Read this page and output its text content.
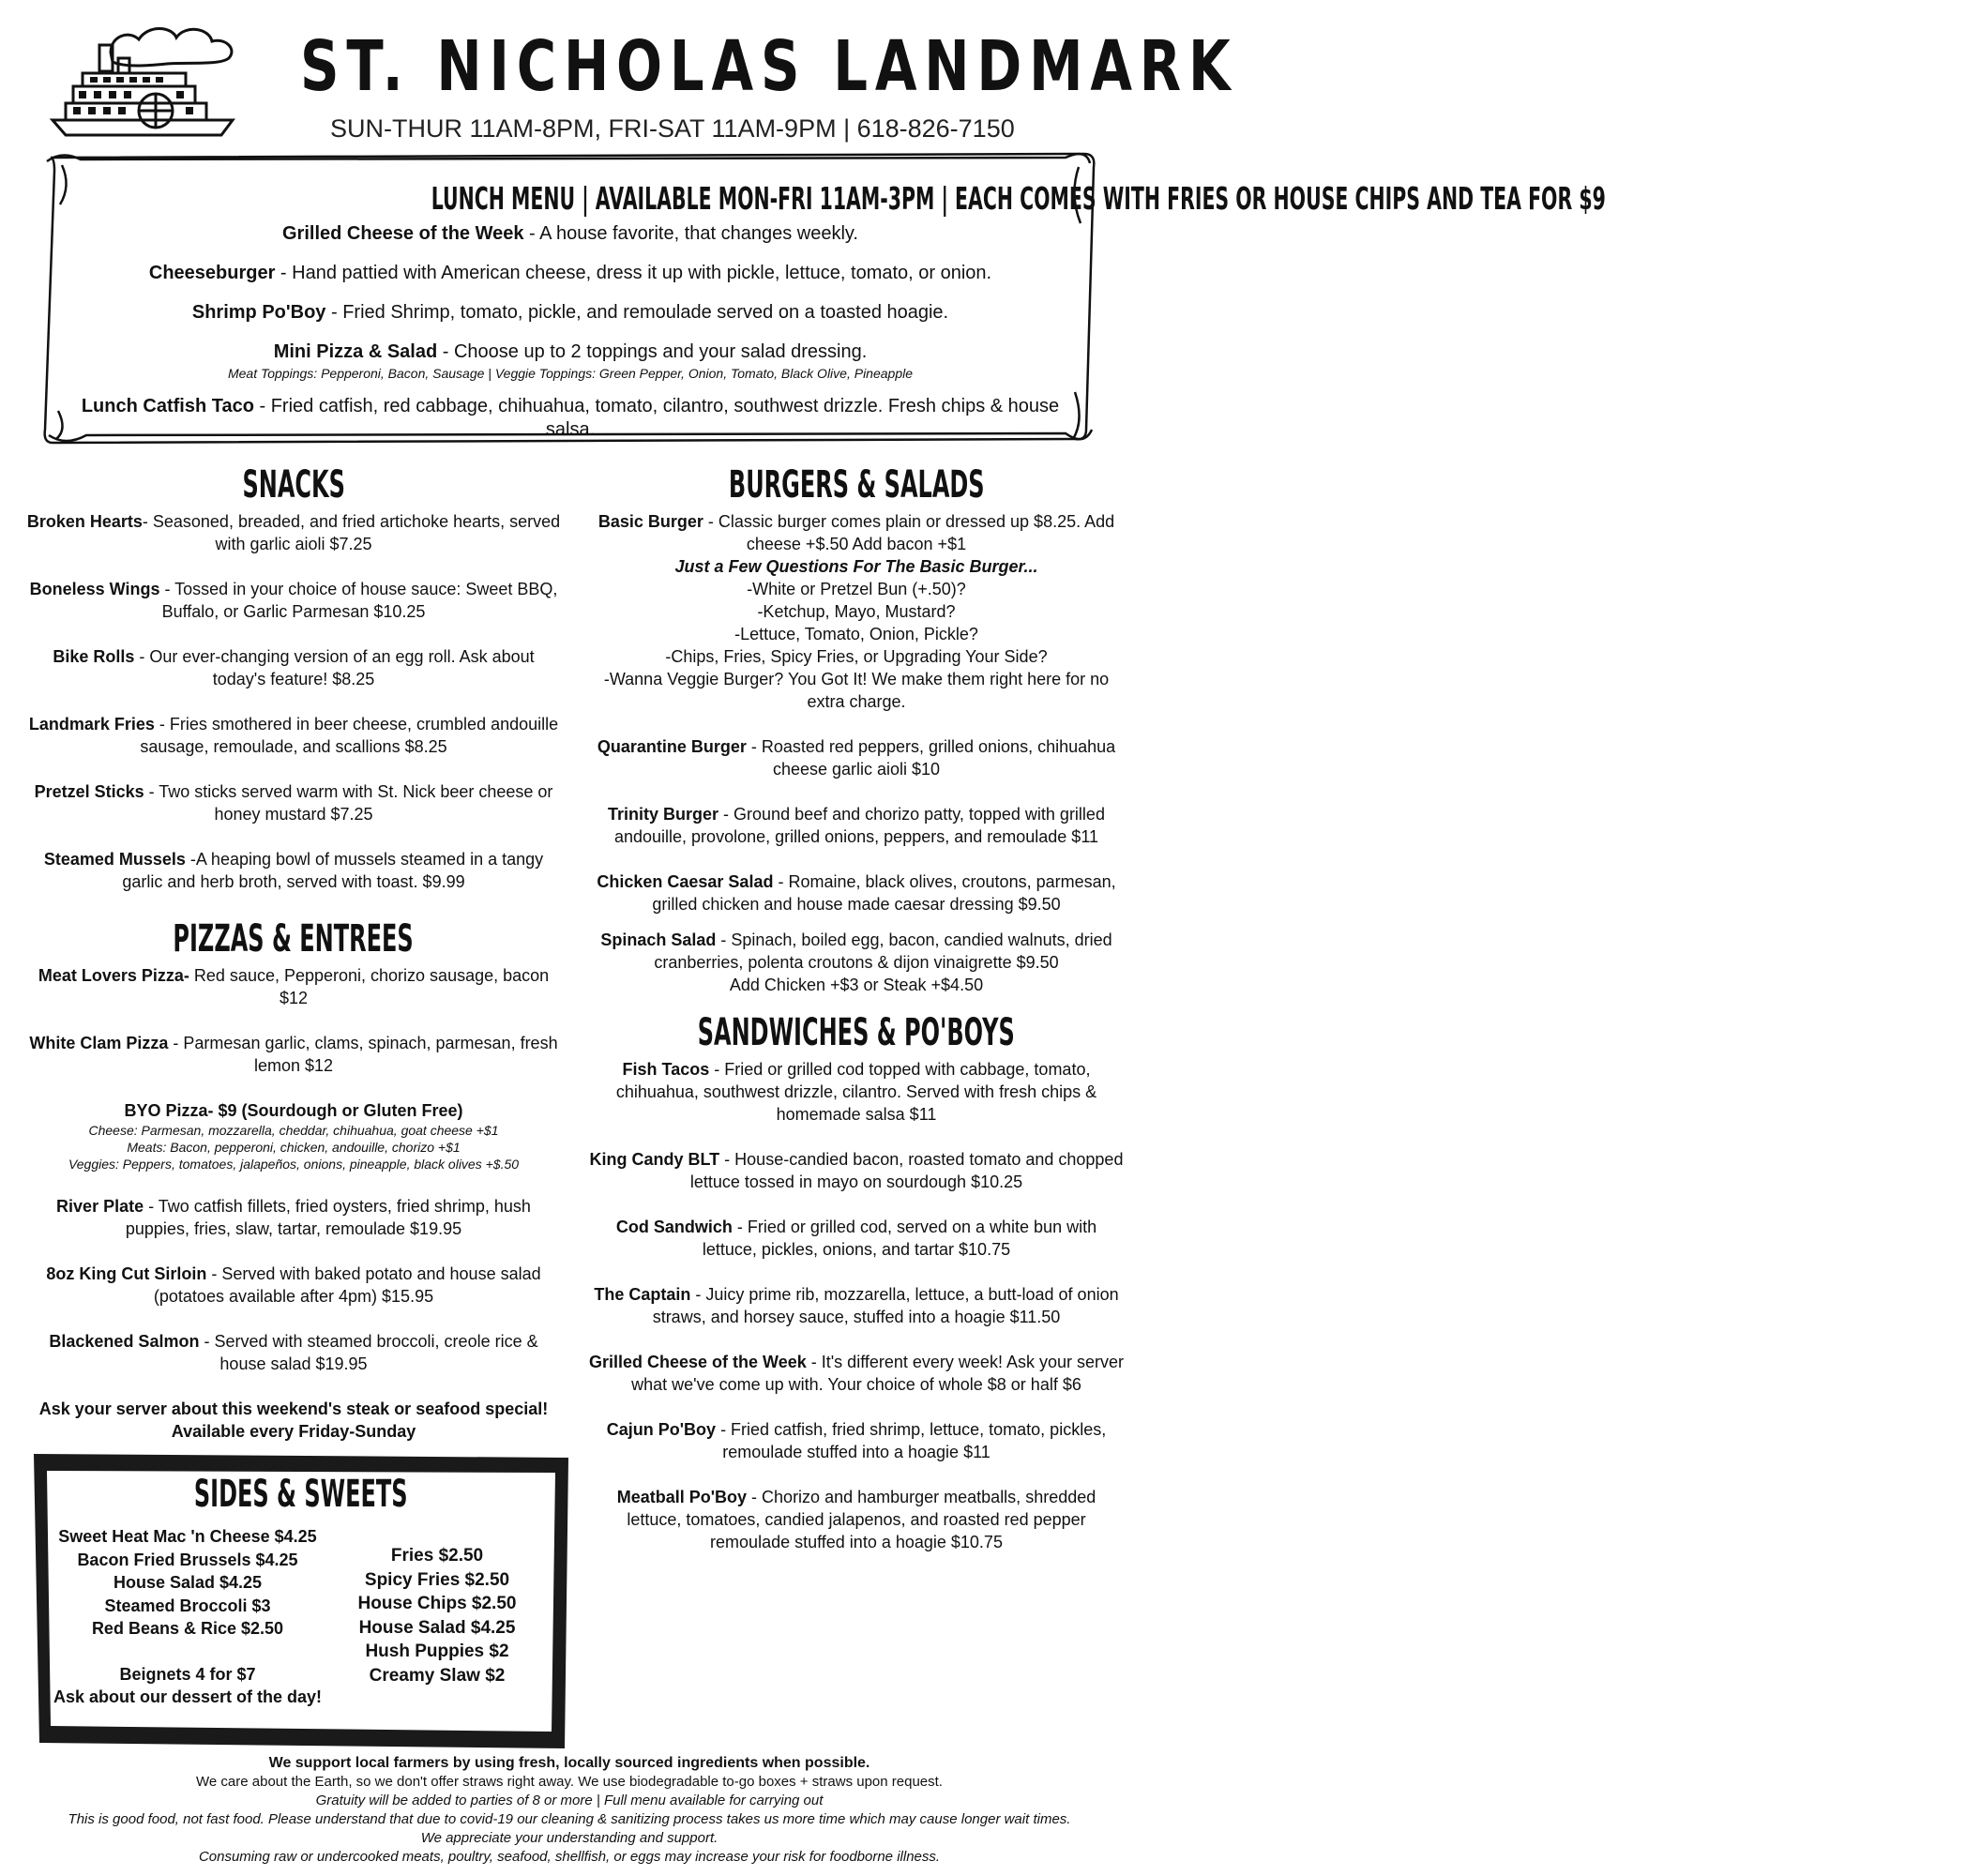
ST. NICHOLAS LANDMARK
SUN-THUR 11AM-8PM, FRI-SAT 11AM-9PM | 618-826-7150
LUNCH MENU | AVAILABLE MON-FRI 11AM-3PM | EACH COMES WITH FRIES OR HOUSE CHIPS AND TEA FOR $9
Grilled Cheese of the Week - A house favorite, that changes weekly.
Cheeseburger - Hand pattied with American cheese, dress it up with pickle, lettuce, tomato, or onion.
Shrimp Po'Boy - Fried Shrimp, tomato, pickle, and remoulade served on a toasted hoagie.
Mini Pizza & Salad - Choose up to 2 toppings and your salad dressing.
Meat Toppings: Pepperoni, Bacon, Sausage | Veggie Toppings: Green Pepper, Onion, Tomato, Black Olive, Pineapple
Lunch Catfish Taco - Fried catfish, red cabbage, chihuahua, tomato, cilantro, southwest drizzle. Fresh chips & house salsa.
SNACKS
Broken Hearts- Seasoned, breaded, and fried artichoke hearts, served with garlic aioli $7.25
Boneless Wings - Tossed in your choice of house sauce: Sweet BBQ, Buffalo, or Garlic Parmesan $10.25
Bike Rolls - Our ever-changing version of an egg roll. Ask about today's feature! $8.25
Landmark Fries - Fries smothered in beer cheese, crumbled andouille sausage, remoulade, and scallions $8.25
Pretzel Sticks - Two sticks served warm with St. Nick beer cheese or honey mustard $7.25
Steamed Mussels -A heaping bowl of mussels steamed in a tangy garlic and herb broth, served with toast. $9.99
PIZZAS & ENTREES
Meat Lovers Pizza- Red sauce, Pepperoni, chorizo sausage, bacon $12
White Clam Pizza - Parmesan garlic, clams, spinach, parmesan, fresh lemon $12
BYO Pizza- $9 (Sourdough or Gluten Free)
Cheese: Parmesan, mozzarella, cheddar, chihuahua, goat cheese +$1
Meats: Bacon, pepperoni, chicken, andouille, chorizo +$1
Veggies: Peppers, tomatoes, jalapeños, onions, pineapple, black olives +$.50
River Plate - Two catfish fillets, fried oysters, fried shrimp, hush puppies, fries, slaw, tartar, remoulade $19.95
8oz King Cut Sirloin - Served with baked potato and house salad (potatoes available after 4pm) $15.95
Blackened Salmon - Served with steamed broccoli, creole rice & house salad $19.95
Ask your server about this weekend's steak or seafood special! Available every Friday-Sunday
SIDES & SWEETS
Sweet Heat Mac 'n Cheese $4.25
Bacon Fried Brussels $4.25
House Salad $4.25
Steamed Broccoli $3
Red Beans & Rice $2.50
Beignets 4 for $7
Ask about our dessert of the day!
Fries $2.50
Spicy Fries $2.50
House Chips $2.50
House Salad $4.25
Hush Puppies $2
Creamy Slaw $2
BURGERS & SALADS
Basic Burger - Classic burger comes plain or dressed up $8.25. Add cheese +$.50 Add bacon +$1
Just a Few Questions For The Basic Burger...
-White or Pretzel Bun (+.50)?
-Ketchup, Mayo, Mustard?
-Lettuce, Tomato, Onion, Pickle?
-Chips, Fries, Spicy Fries, or Upgrading Your Side?
-Wanna Veggie Burger? You Got It! We make them right here for no extra charge.
Quarantine Burger - Roasted red peppers, grilled onions, chihuahua cheese garlic aioli $10
Trinity Burger - Ground beef and chorizo patty, topped with grilled andouille, provolone, grilled onions, peppers, and remoulade $11
Chicken Caesar Salad - Romaine, black olives, croutons, parmesan, grilled chicken and house made caesar dressing $9.50
Spinach Salad - Spinach, boiled egg, bacon, candied walnuts, dried cranberries, polenta croutons & dijon vinaigrette $9.50
Add Chicken +$3 or Steak +$4.50
SANDWICHES & PO'BOYS
Fish Tacos - Fried or grilled cod topped with cabbage, tomato, chihuahua, southwest drizzle, cilantro. Served with fresh chips & homemade salsa $11
King Candy BLT - House-candied bacon, roasted tomato and chopped lettuce tossed in mayo on sourdough $10.25
Cod Sandwich - Fried or grilled cod, served on a white bun with lettuce, pickles, onions, and tartar $10.75
The Captain - Juicy prime rib, mozzarella, lettuce, a butt-load of onion straws, and horsey sauce, stuffed into a hoagie $11.50
Grilled Cheese of the Week - It's different every week! Ask your server what we've come up with. Your choice of whole $8 or half $6
Cajun Po'Boy - Fried catfish, fried shrimp, lettuce, tomato, pickles, remoulade stuffed into a hoagie $11
Meatball Po'Boy - Chorizo and hamburger meatballs, shredded lettuce, tomatoes, candied jalapenos, and roasted red pepper remoulade stuffed into a hoagie $10.75
We support local farmers by using fresh, locally sourced ingredients when possible.
We care about the Earth, so we don't offer straws right away. We use biodegradable to-go boxes + straws upon request.
Gratuity will be added to parties of 8 or more | Full menu available for carrying out
This is good food, not fast food. Please understand that due to covid-19 our cleaning & sanitizing process takes us more time which may cause longer wait times. We appreciate your understanding and support.
Consuming raw or undercooked meats, poultry, seafood, shellfish, or eggs may increase your risk for foodborne illness.
